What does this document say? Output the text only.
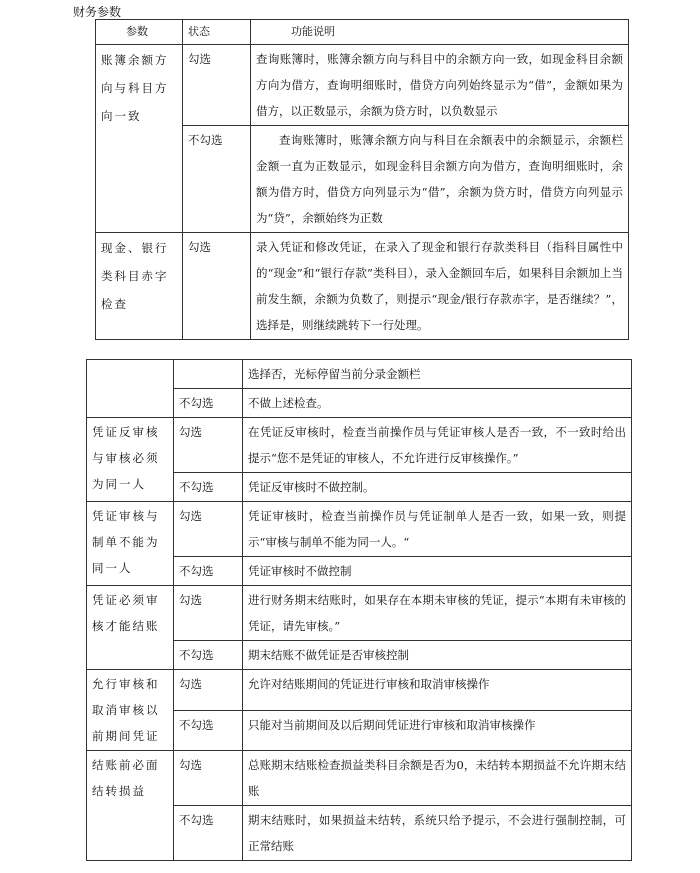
财务参数
参数	状态	功能说明
账簿余额方向与科目方向一致	勾选	查询账簿时，账簿余额方向与科目中的余额方向一致，如现金科目余额方向为借方，查询明细账时，借贷方向列始终显示为“借”，金额如果为借方，以正数显示，余额为贷方时，以负数显示
	不勾选	查询账簿时，账簿余额方向与科目在余额表中的余额显示，余额栏金额一直为正数显示，如现金科目余额方向为借方，查询明细账时，余额为借方时，借贷方向列显示为“借”，余额为贷方时，借贷方向列显示为“贷”，余额始终为正数
现金、银行类科目赤字检查	勾选	录入凭证和修改凭证，在录入了现金和银行存款类科目（指科目属性中的“现金”和“银行存款”类科目），录入金额回车后，如果科目余额加上当前发生额，余额为负数了，则提示“现金/银行存款赤字，是否继续？”，选择是，则继续跳转下一行处理。
		选择否，光标停留当前分录金额栏
	不勾选	不做上述检查。
凭证反审核与审核必须为同一人	勾选	在凭证反审核时，检查当前操作员与凭证审核人是否一致，不一致时给出提示“您不是凭证的审核人，不允许进行反审核操作。”
	不勾选	凭证反审核时不做控制。
凭证审核与制单不能为同一人	勾选	凭证审核时，检查当前操作员与凭证制单人是否一致，如果一致，则提示“审核与制单不能为同一人。“
	不勾选	凭证审核时不做控制
凭证必须审核才能结账	勾选	进行财务期末结账时，如果存在本期未审核的凭证，提示“本期有未审核的凭证，请先审核。”
	不勾选	期末结账不做凭证是否审核控制
允行审核和取消审核以前期间凭证	勾选	允许对结账期间的凭证进行审核和取消审核操作
	不勾选	只能对当前期间及以后期间凭证进行审核和取消审核操作
结账前必面结转损益	勾选	总账期末结账检查损益类科目余额是否为0，未结转本期损益不允许期末结账
	不勾选	期末结账时，如果损益未结转，系统只给予提示，不会进行强制控制，可正常结账
